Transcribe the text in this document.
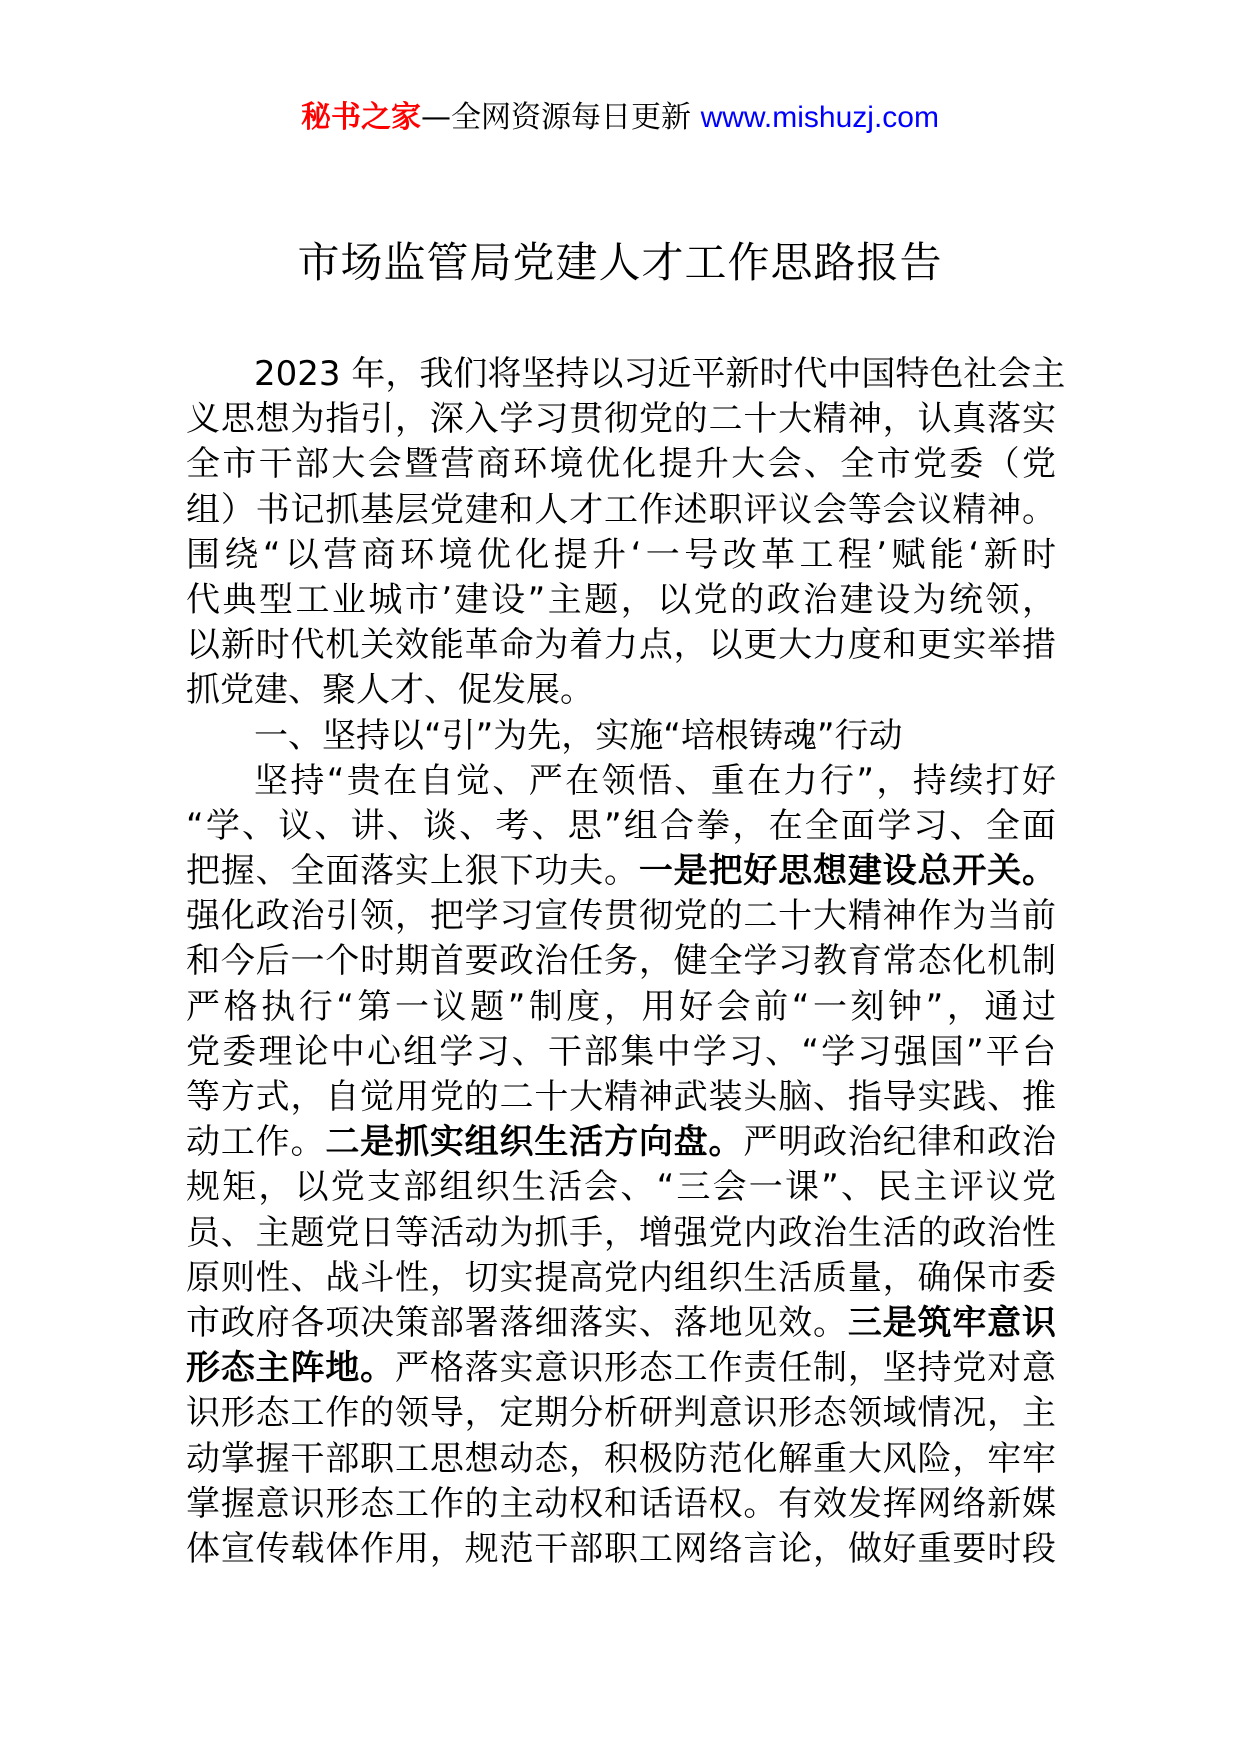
秘书之家—全网资源每日更新 www.mishuzj.com
市场监管局党建人才工作思路报告
2023 年，我们将坚持以习近平新时代中国特色社会主
义思想为指引，深入学习贯彻党的二十大精神，认真落实
全市干部大会暨营商环境优化提升大会、全市党委（党
组）书记抓基层党建和人才工作述职评议会等会议精神。
围绕“以营商环境优化提升‘一号改革工程’赋能‘新时
代典型工业城市’建设”主题，以党的政治建设为统领，
以新时代机关效能革命为着力点，以更大力度和更实举措
抓党建、聚人才、促发展。
一、坚持以“引”为先，实施“培根铸魂”行动
坚持“贵在自觉、严在领悟、重在力行”，持续打好
“学、议、讲、谈、考、思”组合拳，在全面学习、全面
把握、全面落实上狠下功夫。一是把好思想建设总开关。
强化政治引领，把学习宣传贯彻党的二十大精神作为当前
和今后一个时期首要政治任务，健全学习教育常态化机制
严格执行“第一议题”制度，用好会前“一刻钟”，通过
党委理论中心组学习、干部集中学习、“学习强国”平台
等方式，自觉用党的二十大精神武装头脑、指导实践、推
动工作。二是抓实组织生活方向盘。严明政治纪律和政治
规矩，以党支部组织生活会、“三会一课”、民主评议党
员、主题党日等活动为抓手，增强党内政治生活的政治性
原则性、战斗性，切实提高党内组织生活质量，确保市委
市政府各项决策部署落细落实、落地见效。三是筑牢意识
形态主阵地。严格落实意识形态工作责任制，坚持党对意
识形态工作的领导，定期分析研判意识形态领域情况，主
动掌握干部职工思想动态，积极防范化解重大风险，牢牢
掌握意识形态工作的主动权和话语权。有效发挥网络新媒
体宣传载体作用，规范干部职工网络言论，做好重要时段
